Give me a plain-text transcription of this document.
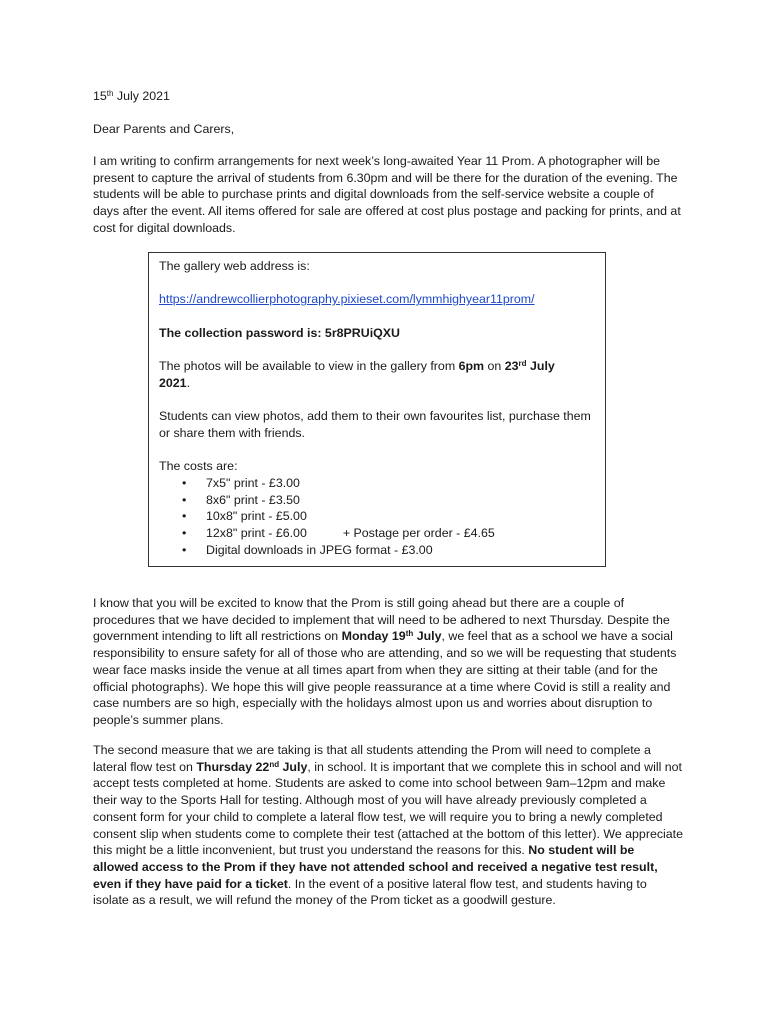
15th July 2021
Dear Parents and Carers,

I am writing to confirm arrangements for next week’s long-awaited Year 11 Prom. A photographer will be present to capture the arrival of students from 6.30pm and will be there for the duration of the evening. The students will be able to purchase prints and digital downloads from the self-service website a couple of days after the event. All items offered for sale are offered at cost plus postage and packing for prints, and at cost for digital downloads.

The gallery web address is:

https://andrewcollierphotography.pixieset.com/lymmhighyear11prom/

The collection password is: 5r8PRUiQXU

The photos will be available to view in the gallery from 6pm on 23rd July
2021.

Students can view photos, add them to their own favourites list, purchase them or share them with friends.

The costs are:

• 7x5" print - £3.00
• 8x6" print - £3.50
• 10x8" print - £5.00
• 12x8" print - £6.00	+ Postage per order - £4.65
• Digital downloads in JPEG format - £3.00

I know that you will be excited to know that the Prom is still going ahead but there are a couple of procedures that we have decided to implement that will need to be adhered to next Thursday. Despite the government intending to lift all restrictions on Monday 19th July, we feel that as a school we have a social responsibility to ensure safety for all of those who are attending, and so we will be requesting that students wear face masks inside the venue at all times apart from when they are sitting at their table (and for the official photographs). We hope this will give people reassurance at a time where Covid is still a reality and case numbers are so high, especially with the holidays almost upon us and worries about disruption to people’s summer plans.

The second measure that we are taking is that all students attending the Prom will need to complete a lateral flow test on Thursday 22nd July, in school. It is important that we complete this in school and will not accept tests completed at home. Students are asked to come into school between 9am–12pm and make their way to the Sports Hall for testing. Although most of you will have already previously completed a consent form for your child to complete a lateral flow test, we will require you to bring a newly completed consent slip when students come to complete their test (attached at the bottom of this letter). We appreciate this might be a little inconvenient, but trust you understand the reasons for this. No student will be allowed access to the Prom if they have not attended school and received a negative test result, even if they have paid for a ticket. In the event of a positive lateral flow test, and students having to isolate as a result, we will refund the money of the Prom ticket as a goodwill gesture.
